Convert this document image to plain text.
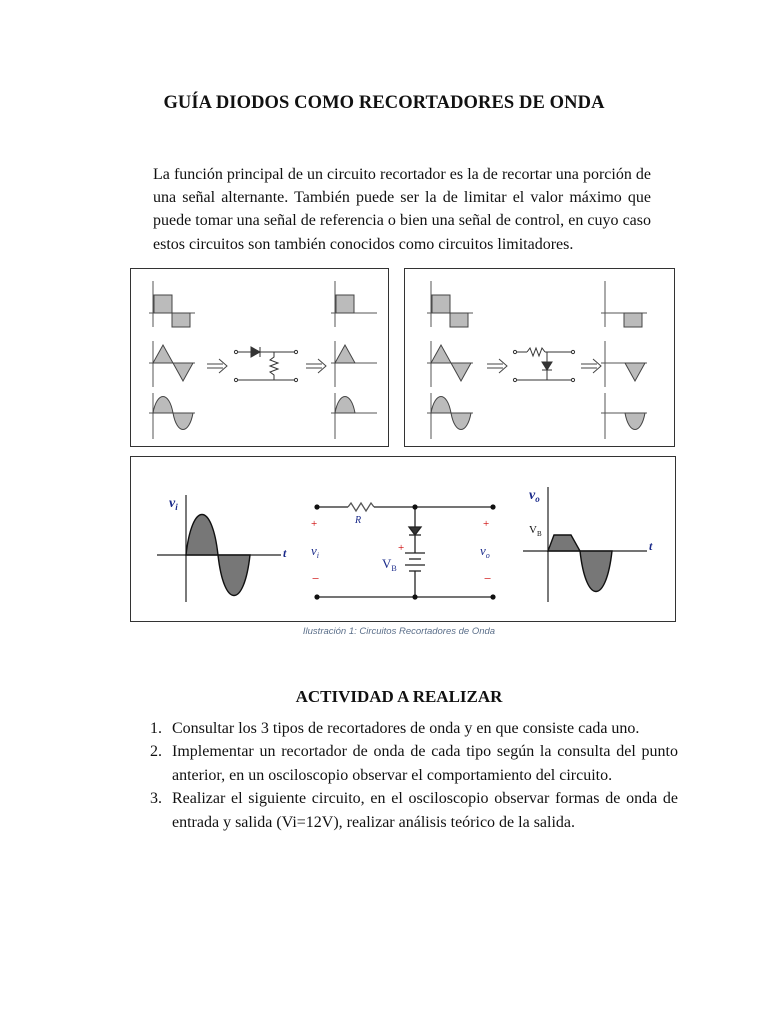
GUÍA DIODOS COMO RECORTADORES DE ONDA
La función principal de un circuito recortador es la de recortar una porción de una señal alternante. También puede ser la de limitar el valor máximo que puede tomar una señal de referencia o bien una señal de control, en cuyo caso estos circuitos son también conocidos como circuitos limitadores.
$v_i$
t
R
+
−
+
−
+
$v_i$	$v_o$
$V_B$
$v_o$
$V_B$
t
Ilustración 1: Circuitos Recortadores de Onda
ACTIVIDAD A REALIZAR
1. Consultar los 3 tipos de recortadores de onda y en que consiste cada uno.
2. Implementar un recortador de onda de cada tipo según la consulta del punto anterior, en un osciloscopio observar el comportamiento del circuito.
3. Realizar el siguiente circuito, en el osciloscopio observar formas de onda de entrada y salida (Vi=12V), realizar análisis teórico de la salida.
